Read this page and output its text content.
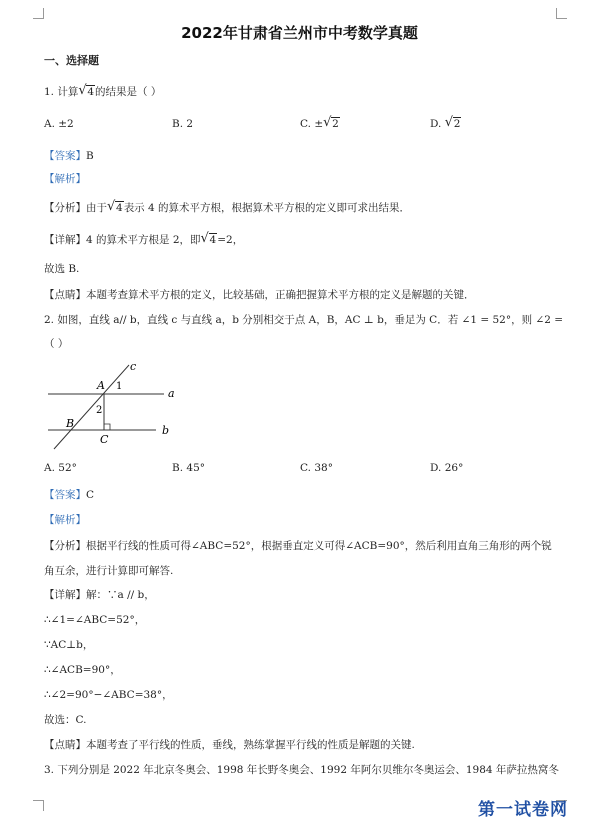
2022年甘肃省兰州市中考数学真题
一、选择题
1. 计算 √ 4的结果是（ ）
A. ±2	B. 2	C. ± √ 2	D. √ 2
【答案】B
【解析】
【分析】由于 √ 4表示 4 的算术平方根，根据算术平方根的定义即可求出结果．
【详解】4 的算术平方根是 2，即 √ 4=2，
故选 B.
【点睛】本题考查算术平方根的定义，比较基础，正确把握算术平方根的定义是解题的关键．
2. 如图，直线 a// b，直线 c 与直线 a，b 分别相交于点 A，B，AC ⊥ b，垂足为 C．若 ∠1 = 52°，则 ∠2 =
（ ）
c
a
b
A
B
C
1
2
A. 52°	B. 45°	C. 38°	D. 26°
【答案】C
【解析】
【分析】根据平行线的性质可得∠ABC=52°，根据垂直定义可得∠ACB=90°，然后利用直角三角形的两个锐
角互余，进行计算即可解答.
【详解】解：∵a // b，
∴∠1=∠ABC=52°，
∵AC⊥b，
∴∠ACB=90°，
∴∠2=90°−∠ABC=38°，
故选：C.
【点睛】本题考查了平行线的性质，垂线，熟练掌握平行线的性质是解题的关键.
3. 下列分别是 2022 年北京冬奥会、1998 年长野冬奥会、1992 年阿尔贝维尔冬奥运会、1984 年萨拉热窝冬
第一试卷网
